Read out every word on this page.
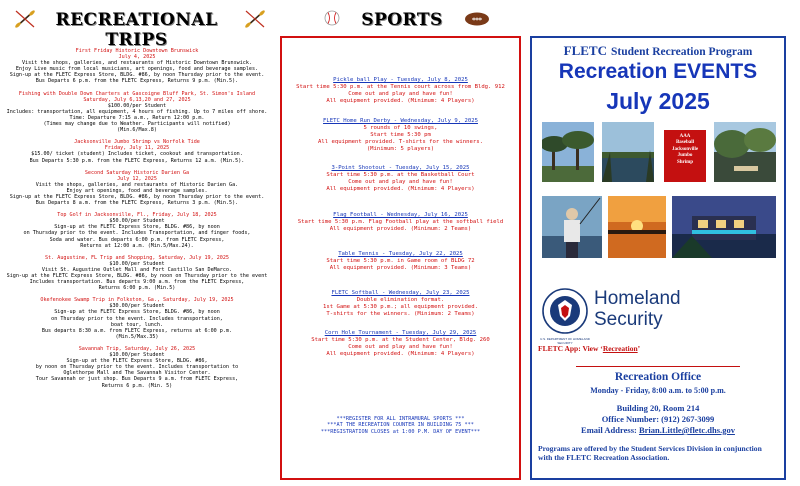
RECREATIONAL TRIPS
First Friday Historic Downtown Brunswick
July 4, 2025
Visit the shops, galleries, and restaurants of Historic Downtown Brunswick.
Enjoy Live music from local musicians, art openings, food and beverage samples.
Sign-up at the FLETC Express Store, BLDG. #86, by noon Thursday prior to the event.
Bus Departs 6 p.m. from the FLETC Express, Returns 9 p.m. (Min.5).
Fishing with Double Down Charters at Gascoigne Bluff Park, St. Simon's Island
Saturday, July 6,13,20 and 27, 2025
$100.00/per Student
Includes: transportation, all equipment, 4 hours of fishing. Up to 7 miles off shore.
Time: Departure 7:15 a.m., Return 12:00 p.m.
(Times may change due to Weather. Participants will notified)
(Min.6/Max.8)
Jacksonville Jumbo Shrimp vs Norfolk Tide
Friday, July 11, 2025
$15.00/ ticket (student) Includes ticket, cookout and transportation.
Bus Departs 5:30 p.m. from the FLETC Express, Returns 12 a.m. (Min.5).
Second Saturday Historic Darien Ga
July 12, 2025
Visit the shops, galleries, and restaurants of Historic Darien Ga.
Enjoy art openings, food and beverage samples.
Sign-up at the FLETC Express Store, BLDG. #86, by noon Thursday prior to the event.
Bus Departs 8 a.m. from the FLETC Express, Returns 3 p.m. (Min.5).
Top Golf in Jacksonville, Fl., Friday, July 18, 2025
$50.00/per Student
Sign-up at the FLETC Express Store, BLDG. #86, by noon
on Thursday prior to the event. Includes Transportation, and finger foods,
Soda and water. Bus departs 6:00 p.m. from FLETC Express,
Returns at 12:00 a.m. (Min.5/Max.24).
St. Augustine, FL Trip and Shopping, Saturday, July 19, 2025
$10.00/per Student
Visit St. Augustine Outlet Mall and Fort Castillo San DeMarco.
Sign-up at the FLETC Express Store, BLDG. #86, by noon on Thursday prior to the event
Includes transportation. Bus departs 9:00 a.m. from the FLETC Express,
Returns 6:00 p.m. (Min.5)
Okefenokee Swamp Trip in Folkston, Ga., Saturday, July 19, 2025
$30.00/per Student
Sign-up at the FLETC Express Store, BLDG. #86, by noon
on Thursday prior to the event. Includes transportation,
boat tour, lunch.
Bus departs 8:30 a.m. from FLETC Express, returns at 6:00 p.m.
(Min.5/Max.35)
Savannah Trip, Saturday, July 26, 2025
$10.00/per Student
Sign-up at the FLETC Express Store, BLDG. #86,
by noon on Thursday prior to the event. Includes transportation to
Oglethorpe Mall and The Savannah Visitor Center.
Tour Savannah or just shop. Bus Departs 9 a.m. from FLETC Express,
Returns 6 p.m. (Min. 5)
SPORTS
Pickle ball Play - Tuesday, July 8, 2025
Start time 5:30 p.m. at the Tennis court across from Bldg. 912
Come out and play and have fun!
All equipment provided. (Minimum: 4 Players)
FLETC Home Run Derby - Wednesday, July 9, 2025
5 rounds of 10 swings,
Start time 5:30 pm
All equipment provided. T-shirts for the winners.
(Minimum: 5 players)
3-Point Shootout - Tuesday, July 15, 2025
Start time 5:30 p.m. at the Basketball Court
Come out and play and have fun!
All equipment provided. (Minimum: 4 Players)
Flag Football - Wednesday, July 16, 2025
Start time 5:30 p.m. Flag Football play at the softball field
All equipment provided. (Minimum: 2 Teams)
Table Tennis - Tuesday, July 22, 2025
Start time 5:30 p.m. in Game room of BLDG 72
All equipment provided. (Minimum: 3 Teams)
FLETC Softball - Wednesday, July 23, 2025
Double elimination format.
1st Game at 5:30 p.m.; all equipment provided.
T-shirts for the winners. (Minimum: 2 Teams)
Corn Hole Tournament - Tuesday, July 29, 2025
Start time 5:30 p.m. at the Student Center, Bldg. 260
Come out and play and have fun!
All equipment provided. (Minimum: 4 Players)
***REGISTER FOR ALL INTRAMURAL SPORTS ***
***AT THE RECREATION COUNTER IN BUILDING 75 ***
***REGISTRATION CLOSES at 1:00 P.M. DAY OF EVENT***
FLETC Student Recreation Program
Recreation EVENTS
July 2025
AAA
Baseball
Jacksonville
Jumbo
Shrimp
U.S. DEPARTMENT OF HOMELAND SECURITY
Homeland
Security
FLETC App: View ‘Recreation’
Recreation Office
Monday - Friday, 8:00 a.m. to 5:00 p.m.
Building 20, Room 214
Office Number: (912) 267-3099
Email Address: Brian.Little@fletc.dhs.gov
Programs are offered by the Student Services Division in conjunction with the FLETC Recreation Association.
